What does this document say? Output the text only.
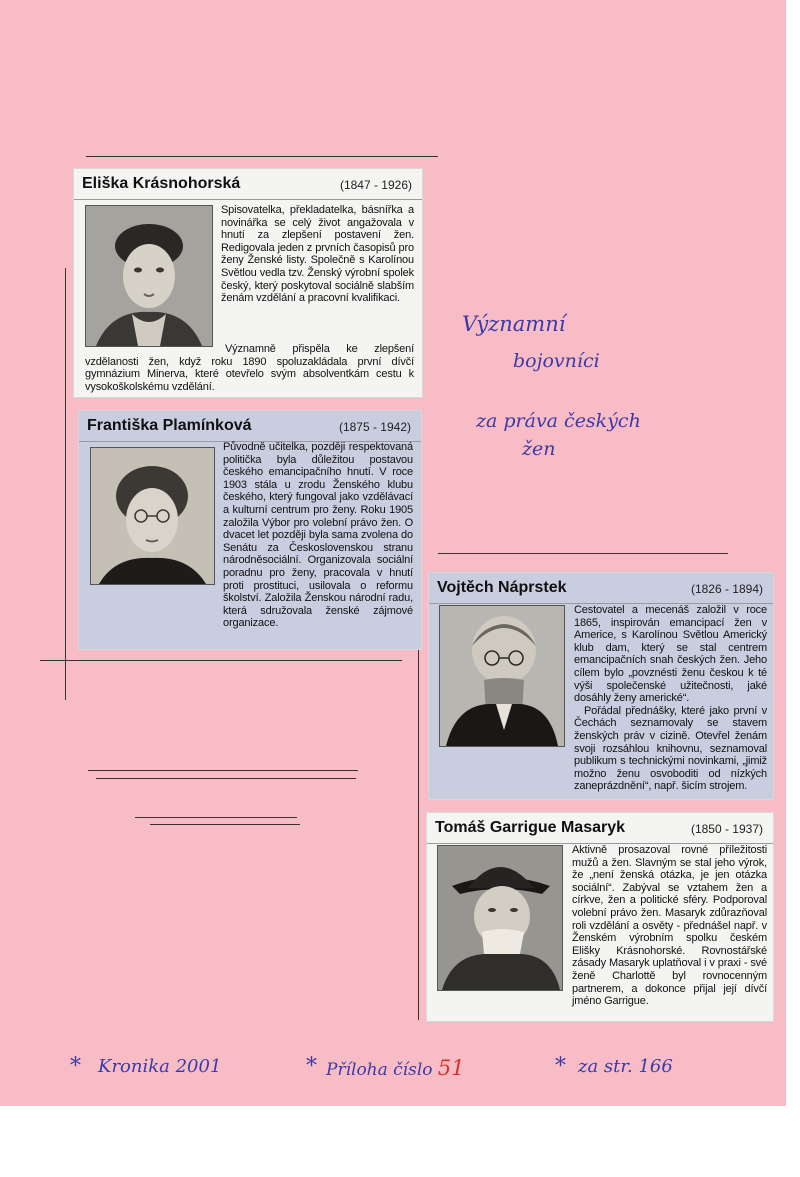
Eliška Krásnohorská	(1847 - 1926)

Spisovatelka, překladatelka, básnířka a novinářka se celý život angažovala v hnutí za zlepšení postavení žen. Redigovala jeden z prvních časopisů pro ženy Ženské listy. Společně s Karolínou Světlou vedla tzv. Ženský výrobní spolek český, který poskytoval sociálně slabším ženám vzdělání a pracovní kvalifikaci.

Významně přispěla ke zlepšení vzdělanosti žen, když roku 1890 spoluzakládala první dívčí gymnázium Minerva, které otevřelo svým absolventkám cestu k vysokoškolskému vzdělání.

Františka Plamínková	(1875 - 1942)

Původně učitelka, později respektovaná politička byla důležitou postavou českého emancipačního hnutí. V roce 1903 stála u zrodu Ženského klubu českého, který fungoval jako vzdělávací a kulturní centrum pro ženy. Roku 1905 založila Výbor pro volební právo žen. O dvacet let později byla sama zvolena do Senátu za Československou stranu národněsociální. Organizovala sociální poradnu pro ženy, pracovala v hnutí proti prostituci, usilovala o reformu školství. Založila Ženskou národní radu, která sdružovala ženské zájmové organizace.

Vojtěch Náprstek	(1826 - 1894)

Cestovatel a mecenáš založil v roce 1865, inspirován emancipací žen v Americe, s Karolínou Světlou Americký klub dam, který se stal centrem emancipačních snah českých žen. Jeho cílem bylo „povznésti ženu českou k té výši společenské užitečnosti, jaké dosáhly ženy americké“.

Pořádal přednášky, které jako první v Čechách seznamovaly se stavem ženských práv v cizině. Otevřel ženám svoji rozsáhlou knihovnu, seznamoval publikum s technickými novinkami, „jimiž možno ženu osvoboditi od nízkých zaneprázdnění“, např. šicím strojem.

Tomáš Garrigue Masaryk	(1850 - 1937)

Aktivně prosazoval rovné příležitosti mužů a žen. Slavným se stal jeho výrok, že „není ženská otázka, je jen otázka sociální“. Zabýval se vztahem žen a církve, žen a politické sféry. Podporoval volební právo žen. Masaryk zdůrazňoval roli vzdělání a osvěty - přednášel např. v Ženském výrobním spolku českém Elišky Krásnohorské. Rovnostářské zásady Masaryk uplatňoval i v praxi - své ženě Charlottě byl rovnocenným partnerem, a dokonce přijal její dívčí jméno Garrigue.

Významní
bojovníci
za práva českých
žen
* Kronika 2001	* Příloha číslo 51	* za str. 166
